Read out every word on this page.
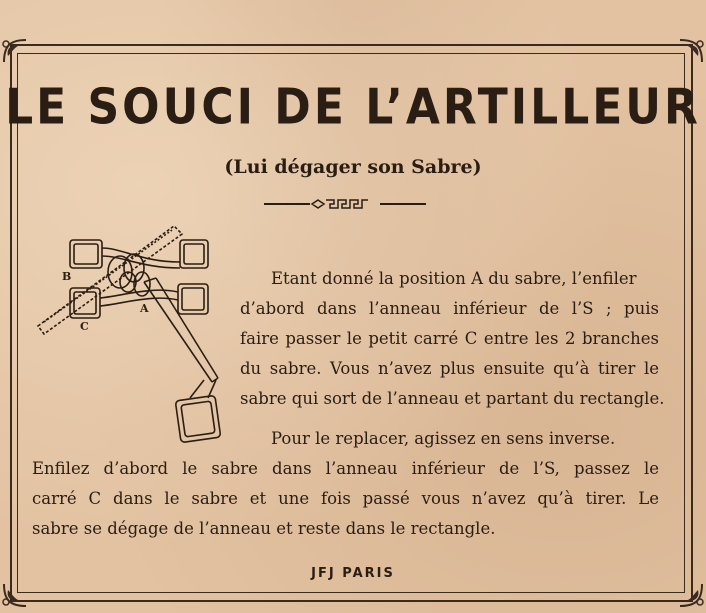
LE SOUCI DE L’ARTILLEUR
(Lui dégager son Sabre)
B
C
A
Etant donné la position A du sabre, l’enfiler
d’abord dans l’anneau inférieur de l’S ; puis
faire passer le petit carré C entre les 2 branches
du sabre. Vous n’avez plus ensuite qu’à tirer le
sabre qui sort de l’anneau et partant du rectangle.
Pour le replacer, agissez en sens inverse.
Enfilez d’abord le sabre dans l’anneau inférieur de l’S, passez le
carré C dans le sabre et une fois passé vous n’avez qu’à tirer. Le
sabre se dégage de l’anneau et reste dans le rectangle.
JFJ PARIS
